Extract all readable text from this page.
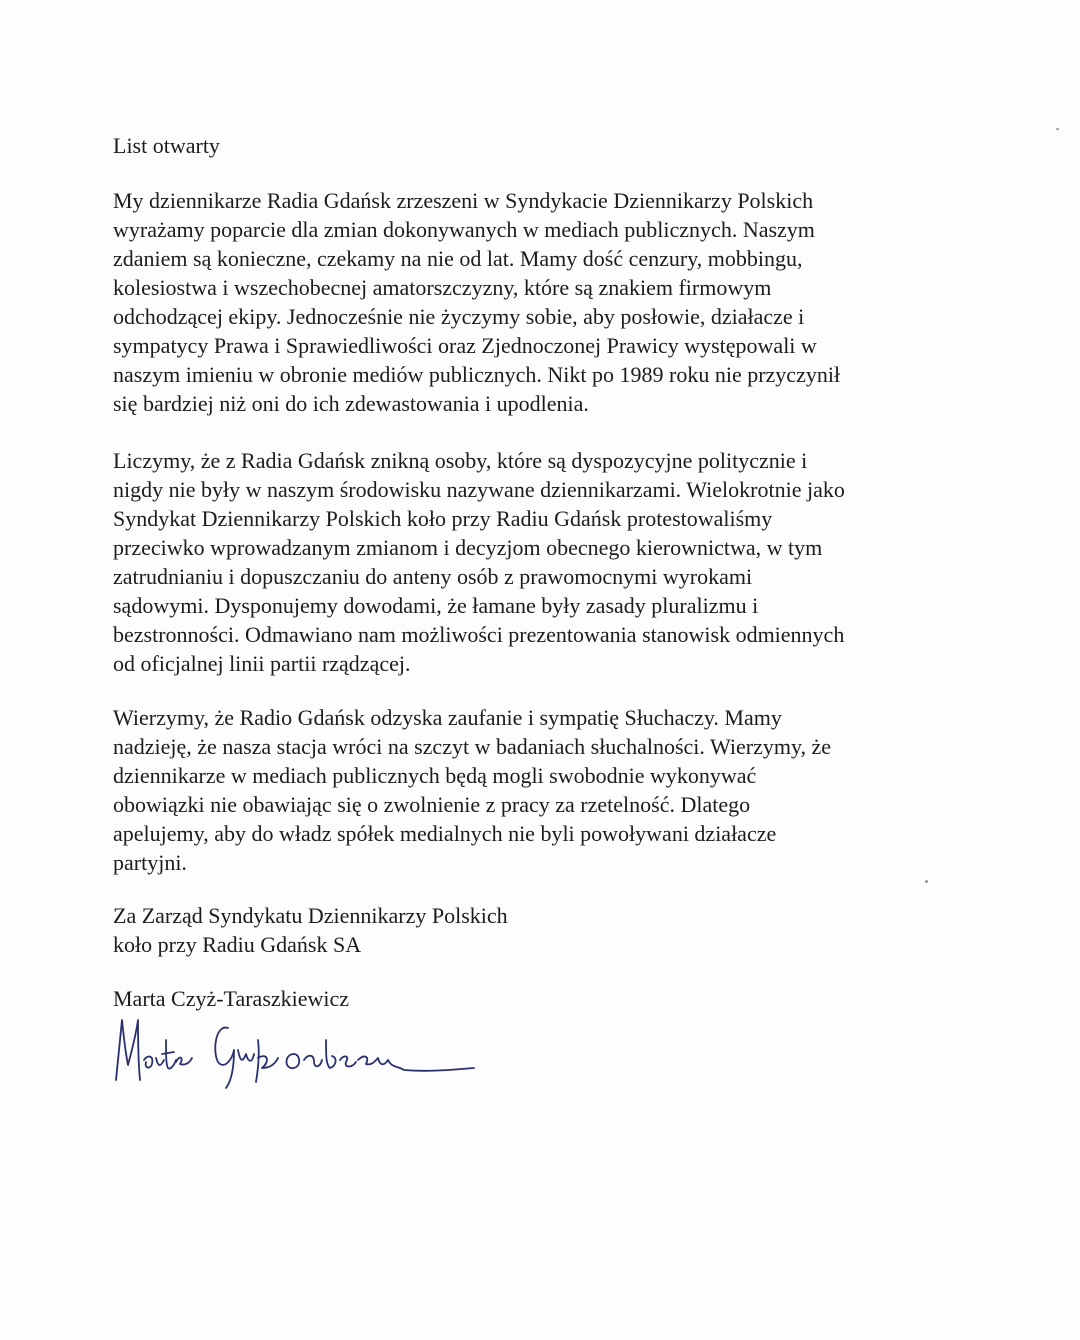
List otwarty
My dziennikarze Radia Gdańsk zrzeszeni w Syndykacie Dziennikarzy Polskich
wyrażamy poparcie dla zmian dokonywanych w mediach publicznych. Naszym
zdaniem są konieczne, czekamy na nie od lat. Mamy dość cenzury, mobbingu,
kolesiostwa i wszechobecnej amatorszczyzny, które są znakiem firmowym
odchodzącej ekipy. Jednocześnie nie życzymy sobie, aby posłowie, działacze i
sympatycy Prawa i Sprawiedliwości oraz Zjednoczonej Prawicy występowali w
naszym imieniu w obronie mediów publicznych. Nikt po 1989 roku nie przyczynił
się bardziej niż oni do ich zdewastowania i upodlenia.
Liczymy, że z Radia Gdańsk znikną osoby, które są dyspozycyjne politycznie i
nigdy nie były w naszym środowisku nazywane dziennikarzami. Wielokrotnie jako
Syndykat Dziennikarzy Polskich koło przy Radiu Gdańsk protestowaliśmy
przeciwko wprowadzanym zmianom i decyzjom obecnego kierownictwa, w tym
zatrudnianiu i dopuszczaniu do anteny osób z prawomocnymi wyrokami
sądowymi. Dysponujemy dowodami, że łamane były zasady pluralizmu i
bezstronności. Odmawiano nam możliwości prezentowania stanowisk odmiennych
od oficjalnej linii partii rządzącej.
Wierzymy, że Radio Gdańsk odzyska zaufanie i sympatię Słuchaczy. Mamy
nadzieję, że nasza stacja wróci na szczyt w badaniach słuchalności. Wierzymy, że
dziennikarze w mediach publicznych będą mogli swobodnie wykonywać
obowiązki nie obawiając się o zwolnienie z pracy za rzetelność. Dlatego
apelujemy, aby do władz spółek medialnych nie byli powoływani działacze
partyjni.
Za Zarząd Syndykatu Dziennikarzy Polskich
koło przy Radiu Gdańsk SA
Marta Czyż-Taraszkiewicz
